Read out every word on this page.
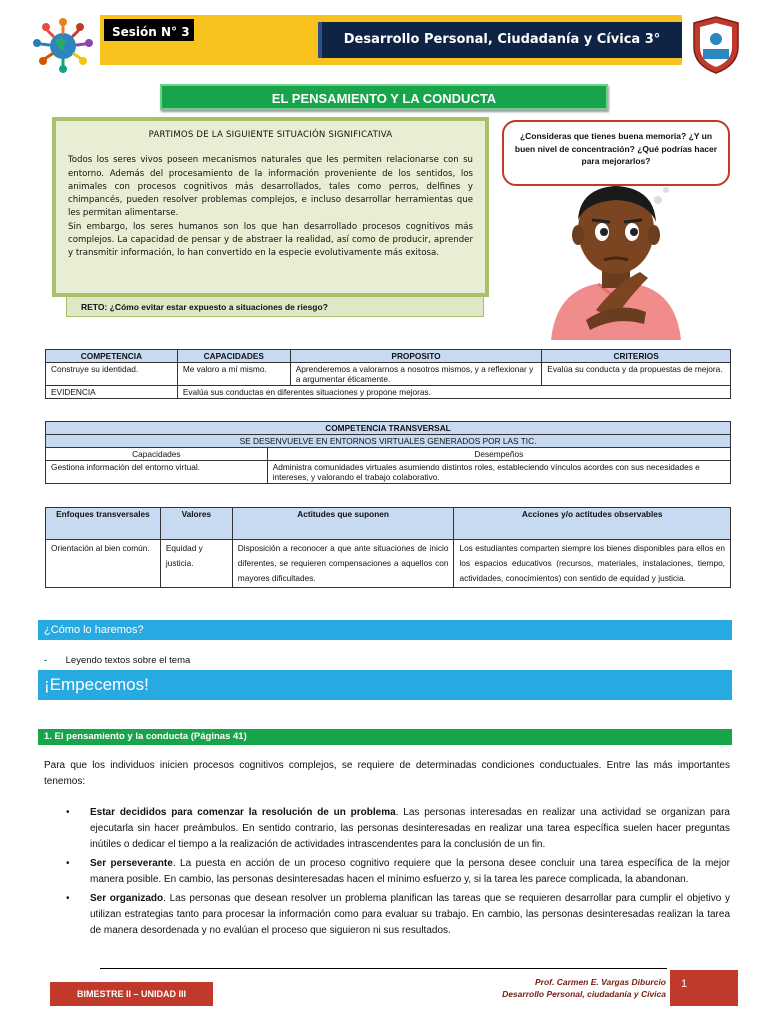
Sesión N° 3	Desarrollo Personal, Ciudadanía y Cívica 3°
EL PENSAMIENTO Y LA CONDUCTA
PARTIMOS DE LA SIGUIENTE SITUACIÓN SIGNIFICATIVA

Todos los seres vivos poseen mecanismos naturales que les permiten relacionarse con su entorno. Además del procesamiento de la información proveniente de los sentidos, los animales con procesos cognitivos más desarrollados, tales como perros, delfines y chimpancés, pueden resolver problemas complejos, e incluso desarrollar herramientas que les permitan alimentarse.

Sin embargo, los seres humanos son los que han desarrollado procesos cognitivos más complejos. La capacidad de pensar y de abstraer la realidad, así como de producir, aprender y transmitir información, lo han convertido en la especie evolutivamente más exitosa.

RETO: ¿Cómo evitar estar expuesto a situaciones de riesgo?
¿Consideras que tienes buena memoria? ¿Y un buen nivel de concentración? ¿Qué podrías hacer para mejorarlos?
COMPETENCIA	CAPACIDADES	PROPOSITO	CRITERIOS
Construye su identidad.	Me valoro a mí mismo.	Aprenderemos a valorarnos a nosotros mismos, y a reflexionar y a argumentar éticamente.	Evalúa su conducta y da propuestas de mejora.
EVIDENCIA	Evalúa sus conductas en diferentes situaciones y propone mejoras.		
COMPETENCIA TRANSVERSAL	
SE DESENVUELVE EN ENTORNOS VIRTUALES GENERADOS POR LAS TIC.	
Capacidades	Desempeños
Gestiona información del entorno virtual.	Administra comunidades virtuales asumiendo distintos roles, estableciendo vínculos acordes con sus necesidades e intereses, y valorando el trabajo colaborativo.
Enfoques transversales	Valores	Actitudes que suponen	Acciones y/o actitudes observables
Orientación al bien común.	Equidad y justicia.	Disposición a reconocer a que ante situaciones de inicio diferentes, se requieren compensaciones a aquellos con mayores dificultades.	Los estudiantes comparten siempre los bienes disponibles para ellos en los espacios educativos (recursos, materiales, instalaciones, tiempo, actividades, conocimientos) con sentido de equidad y justicia.
¿Cómo lo haremos?
-       Leyendo textos sobre el tema
¡Empecemos!
1. El pensamiento y la conducta (Páginas 41)
Para que los individuos inicien procesos cognitivos complejos, se requiere de determinadas condiciones conductuales. Entre las más importantes tenemos:
• Estar decididos para comenzar la resolución de un problema. Las personas interesadas en realizar una actividad se organizan para ejecutarla sin hacer preámbulos. En sentido contrario, las personas desinteresadas en realizar una tarea específica suelen hacer preguntas inútiles o dedicar el tiempo a la realización de actividades intrascendentes para la conclusión de un fin.
• Ser perseverante. La puesta en acción de un proceso cognitivo requiere que la persona desee concluir una tarea específica de la mejor manera posible. En cambio, las personas desinteresadas hacen el mínimo esfuerzo y, si la tarea les parece complicada, la abandonan.
• Ser organizado. Las personas que desean resolver un problema planifican las tareas que se requieren desarrollar para cumplir el objetivo y utilizan estrategias tanto para procesar la información como para evaluar su trabajo. En cambio, las personas desinteresadas realizan la tarea de manera desordenada y no evalúan el proceso que siguieron ni sus resultados.
BIMESTRE II – UNIDAD III
Prof. Carmen E. Vargas Diburcio
Desarrollo Personal, ciudadanía y Cívica
1
